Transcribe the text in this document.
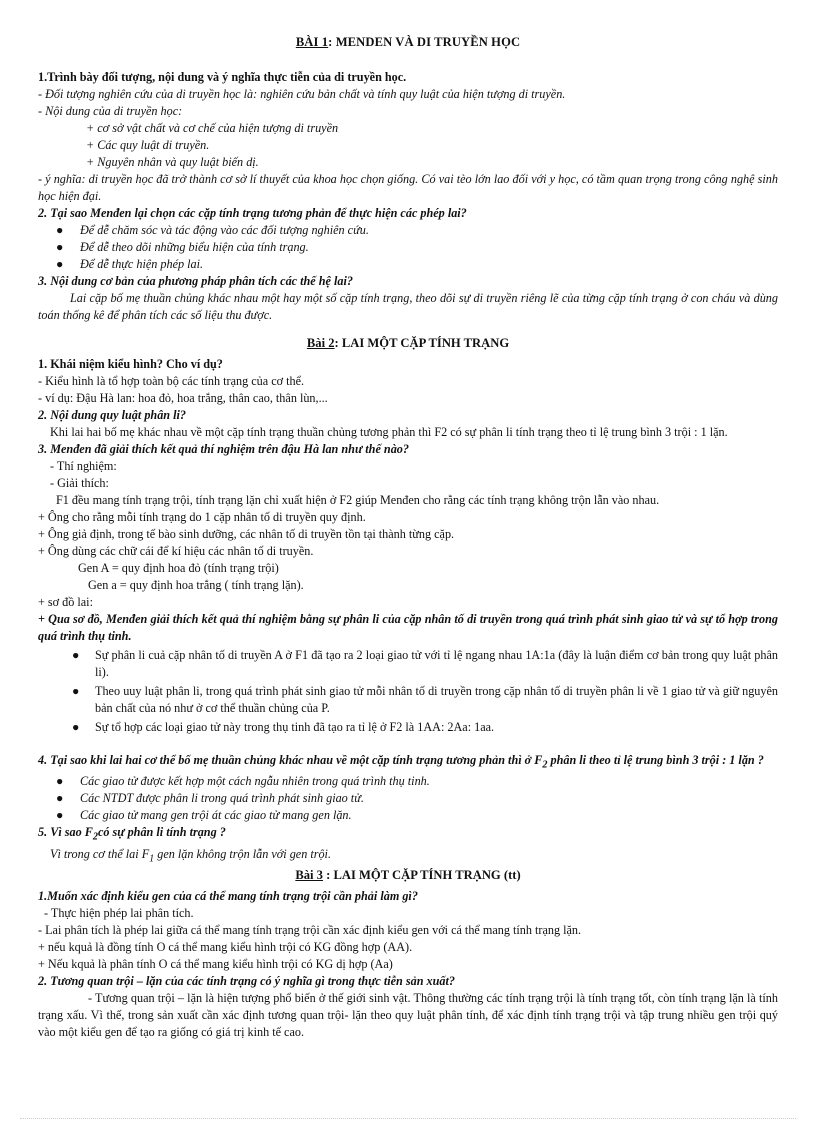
BÀI 1: MENDEN VÀ DI TRUYỀN HỌC

1.Trình bày đối tượng, nội dung và ý nghĩa thực tiễn của di truyền học.

- Đối tượng nghiên cứu của di truyền học là: nghiên cứu bản chất và tính quy luật của hiện tượng di truyền.

- Nội dung của di truyền học:

+ cơ sở vật chất và cơ chế của hiện tượng di truyền

+ Các quy luật di truyền.

+ Nguyên nhân và quy luật biến dị.

- ý nghĩa: di truyền học đã trở thành cơ sở lí thuyết của khoa học chọn giống. Có vai tèo lớn lao đối với y học, có tầm quan trọng trong công nghệ sinh học hiện đại.

2. Tại sao Menđen lại chọn các cặp tính trạng tương phản để thực hiện các phép lai?

● Để dễ chăm sóc và tác động vào các đối tượng nghiên cứu.
● Để dễ theo dõi những biểu hiện của tính trạng.
● Để dễ thực hiện phép lai.

3. Nội dung cơ bản của phương pháp phân tích các thế hệ lai?

Lai cặp bố mẹ thuần chủng khác nhau một hay một số cặp tính trạng, theo dõi sự di truyền riêng lẽ của từng cặp tính trạng ở con cháu và dùng toán thống kê để phân tích các số liệu thu được.

Bài 2: LAI MỘT CẶP TÍNH TRẠNG

1. Khái niệm kiểu hình? Cho ví dụ?

- Kiểu hình là tổ hợp toàn bộ các tính trạng của cơ thể.

- ví dụ: Đậu Hà lan: hoa đỏ, hoa trắng, thân cao, thân lùn,...

2. Nội dung quy luật phân li?

Khi lai hai bố mẹ khác nhau về một cặp tính trạng thuần chủng tương phản thì F2 có sự phân li tính trạng theo tỉ lệ trung bình 3 trội : 1 lặn.

3. Menđen đã giải thích kết quả thí nghiệm trên đậu Hà lan như thế nào?

- Thí nghiệm:

- Giải thích:

F1 đều mang tính trạng trội, tính trạng lặn chỉ xuất hiện ở F2 giúp Menđen cho rằng các tính trạng không trộn lẫn vào nhau.

+ Ông cho rằng mỗi tính trạng do 1 cặp nhân tố di truyền quy định.

+ Ông giả định, trong tế bào sinh dưỡng, các nhân tố di truyền tồn tại thành từng cặp.

+ Ông dùng các chữ cái để kí hiệu các nhân tố di truyền.

Gen A = quy định hoa đỏ (tính trạng trội)

Gen a = quy định hoa trắng ( tính trạng lặn).

+ sơ đồ lai:

+ Qua sơ đồ, Menđen giải thích kết quả thí nghiệm bằng sự phân li của cặp nhân tố di truyền trong quá trình phát sinh giao tử và sự tổ hợp trong quá trình thụ tinh.

● Sự phân li cuả cặp nhân tố di truyền A ở F1 đã tạo ra 2 loại giao tử với tỉ lệ ngang nhau 1A:1a (đây là luận điểm cơ bản trong quy luật phân li).
● Theo uuy luật phân li, trong quá trình phát sinh giao tử mỗi nhân tố di truyền trong cặp nhân tố di truyền phân li về 1 giao tử và giữ nguyên bản chất của nó như ở cơ thể thuần chủng của P.
● Sự tổ hợp các loại giao tử này trong thụ tinh đã tạo ra tỉ lệ ở F2 là 1AA: 2Aa: 1aa.

4. Tại sao khi lai hai cơ thể bố mẹ thuần chủng khác nhau về một cặp tính trạng tương phản thì ở $F_2$ phân li theo tỉ lệ trung bình 3 trội : 1 lặn ?

● Các giao tử được kết hợp một cách ngẫu nhiên trong quá trình thụ tinh.
● Các NTDT được phân li trong quá trình phát sinh giao tử.
● Các giao tử mang gen trội át các giao tử mang gen lặn.

5. Vì sao $F_2có$ sự phân li tính trạng ?

Vì trong cơ thể lai $F_1$ gen lặn không trộn lẫn với gen trội.

Bài 3 : LAI MỘT CẶP TÍNH TRẠNG (tt)

1.Muốn xác định kiểu gen của cá thể mang tính trạng trội cần phải làm gì?

- Thực hiện phép lai phân tích.

- Lai phân tích là phép lai giữa cá thể mang tính trạng trội cần xác định kiểu gen với cá thể mang tính trạng lặn.

+ nếu kquả là đồng tính O cá thể mang kiểu hình trội có KG đồng hợp (AA).

+ Nếu kquả là phân tính O cá thể mang kiểu hình trội có KG dị hợp (Aa)

2. Tương quan trội – lặn của các tính trạng có ý nghĩa gì trong thực tiễn sản xuất?

- Tương quan trội – lặn là hiện tượng phổ biến ở thế giới sinh vật. Thông thường các tính trạng trội là tính trạng tốt, còn tính trạng lặn là tính trạng xấu. Vì thế, trong sản xuất cần xác định tương quan trội- lặn theo quy luật phân tính, để xác định tính trạng trội và tập trung nhiều gen trội quý vào một kiểu gen để tạo ra giống có giá trị kinh tế cao.
